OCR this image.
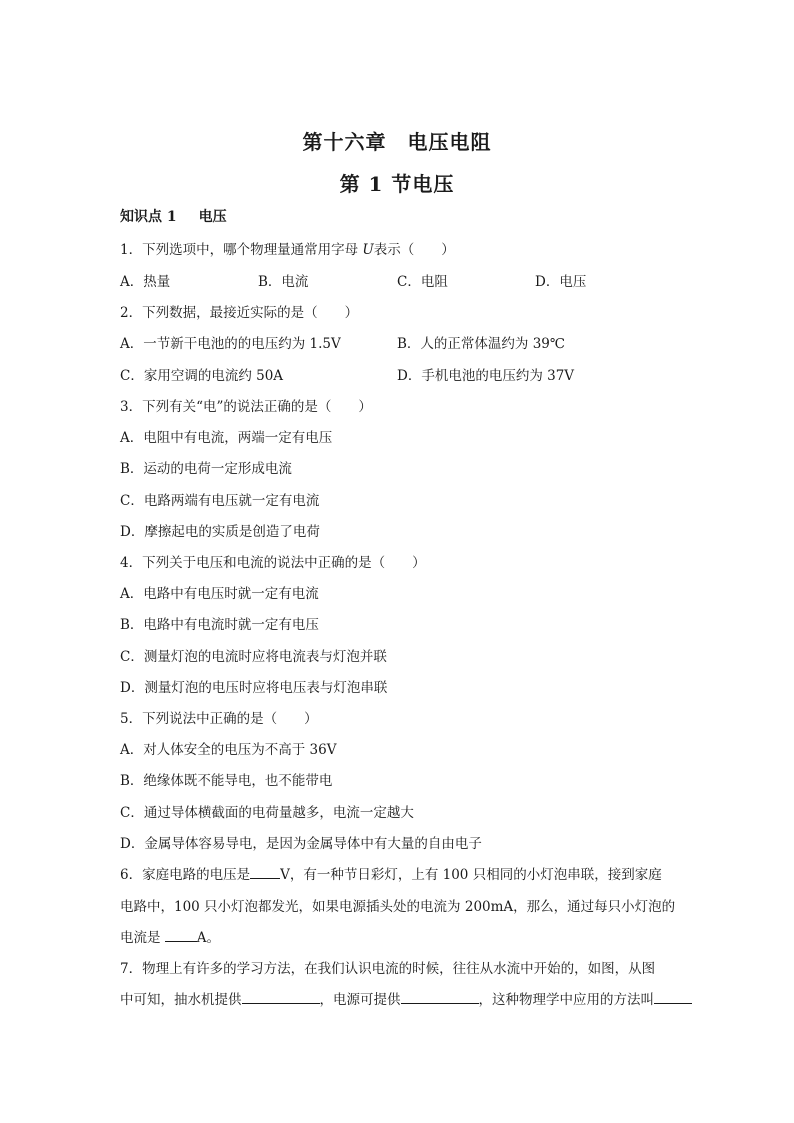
第十六章　电压电阻
第 1 节电压
知识点 1 电压
1．下列选项中，哪个物理量通常用字母 U表示（　　）
A．热量	B．电流	C．电阻	D．电压
2．下列数据，最接近实际的是（　　）
A．一节新干电池的的电压约为 1.5V	B．人的正常体温约为 39℃
C．家用空调的电流约 50A	D．手机电池的电压约为 37V
3．下列有关“电”的说法正确的是（　　）
A．电阻中有电流，两端一定有电压
B．运动的电荷一定形成电流
C．电路两端有电压就一定有电流
D．摩擦起电的实质是创造了电荷
4．下列关于电压和电流的说法中正确的是（　　）
A．电路中有电压时就一定有电流
B．电路中有电流时就一定有电压
C．测量灯泡的电流时应将电流表与灯泡并联
D．测量灯泡的电压时应将电压表与灯泡串联
5．下列说法中正确的是（　　）
A．对人体安全的电压为不高于 36V
B．绝缘体既不能导电，也不能带电
C．通过导体横截面的电荷量越多，电流一定越大
D．金属导体容易导电，是因为金属导体中有大量的自由电子
6．家庭电路的电压是 V，有一种节日彩灯，上有 100 只相同的小灯泡串联，接到家庭
电路中，100 只小灯泡都发光，如果电源插头处的电流为 200mA，那么，通过每只小灯泡的
电流是 A。
7．物理上有许多的学习方法，在我们认识电流的时候，往往从水流中开始的，如图，从图
中可知，抽水机提供	，电源可提供	，这种物理学中应用的方法叫
